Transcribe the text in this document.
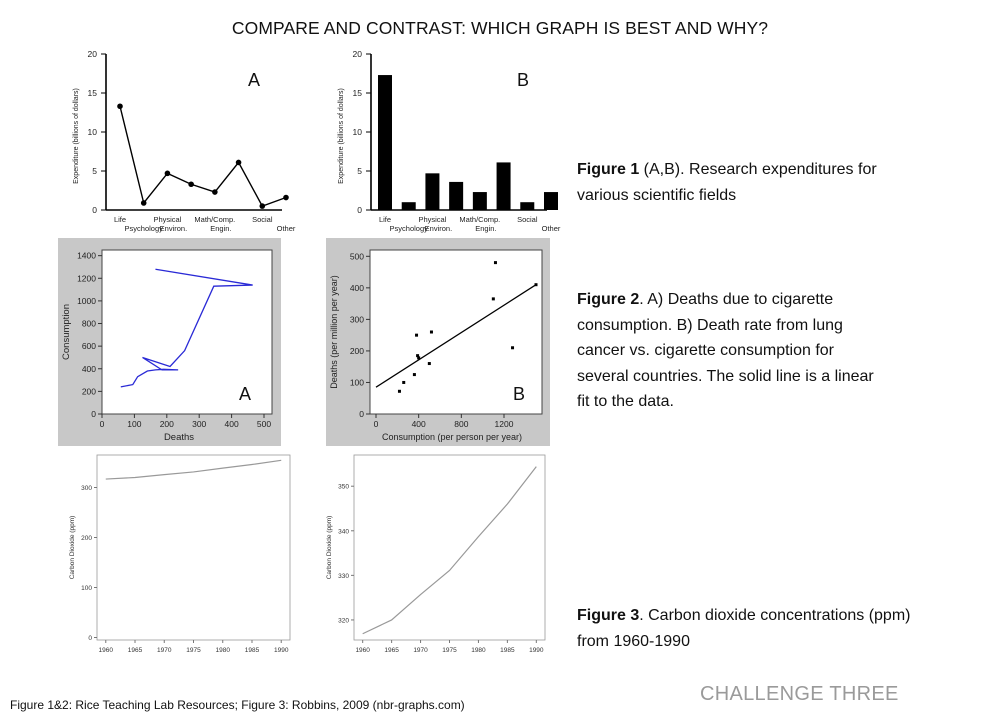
COMPARE AND CONTRAST: WHICH GRAPH IS BEST AND WHY?
A	B
0
5
10
15
20
Expenditure (billions of dollars)
Life
Psychology
Physical
Environ.
Math/Comp.
Engin.
Social
Other
0
5
10
15
20
Expenditure (billions of dollars)
Life
Psychology
Physical
Environ.
Math/Comp.
Engin.
Social
Other
0	100 200 300 400 500
0
200
400
600
800
1000
1200
1400
Deaths
Consumption
A
0	400	800	1200
0
100
200
300
400
500
Consumption (per person per year)
Deaths (per million per year)
B
1960 1965 1970 1975 1980 1985 1990
0
100
200
300
Carbon Dioxide (ppm)
1960 1965 1970 1975 1980 1985 1990
320
330
340
350
Carbon Dioxide (ppm)
Figure 1 (A,B). Research expenditures for various scientific fields
Figure 2. A) Deaths due to cigarette consumption. B) Death rate from lung cancer vs. cigarette consumption for several countries. The solid line is a linear fit to the data.
Figure 3. Carbon dioxide concentrations (ppm) from 1960-1990
Figure 1&2: Rice Teaching Lab Resources; Figure 3: Robbins, 2009 (nbr-graphs.com)	CHALLENGE THREE
